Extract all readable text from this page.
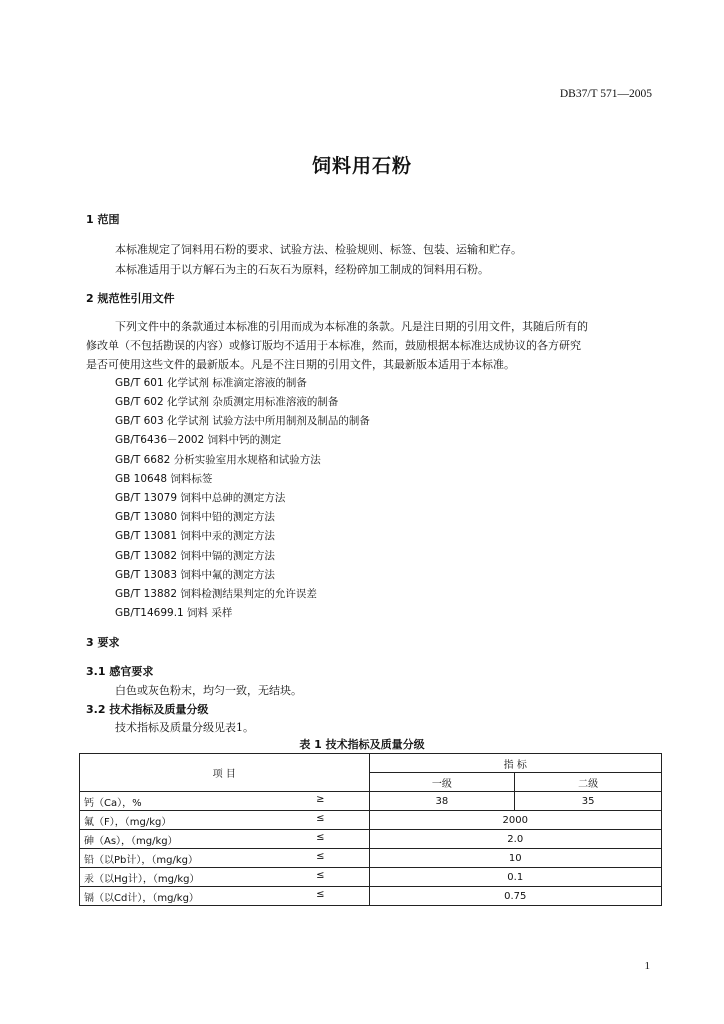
DB37/T 571—2005
饲料用石粉
1 范围
本标准规定了饲料用石粉的要求、试验方法、检验规则、标签、包装、运输和贮存。
本标准适用于以方解石为主的石灰石为原料，经粉碎加工制成的饲料用石粉。
2 规范性引用文件
下列文件中的条款通过本标准的引用而成为本标准的条款。凡是注日期的引用文件，其随后所有的
修改单（不包括勘误的内容）或修订版均不适用于本标准，然而，鼓励根据本标准达成协议的各方研究
是否可使用这些文件的最新版本。凡是不注日期的引用文件，其最新版本适用于本标准。
GB/T 601 化学试剂 标准滴定溶液的制备
GB/T 602 化学试剂 杂质测定用标准溶液的制备
GB/T 603 化学试剂 试验方法中所用制剂及制品的制备
GB/T6436－2002 饲料中钙的测定
GB/T 6682 分析实验室用水规格和试验方法
GB 10648 饲料标签
GB/T 13079 饲料中总砷的测定方法
GB/T 13080 饲料中铅的测定方法
GB/T 13081 饲料中汞的测定方法
GB/T 13082 饲料中镉的测定方法
GB/T 13083 饲料中氟的测定方法
GB/T 13882 饲料检测结果判定的允许误差
GB/T14699.1 饲料 采样
3 要求
3.1 感官要求
白色或灰色粉末，均匀一致，无结块。
3.2 技术指标及质量分级
技术指标及质量分级见表1。
表 1 技术指标及质量分级
项 目	指 标	
	一级	二级

钙（Ca），% ≥	38	35

氟（F），（mg/kg） ≤	2000	

砷（As），（mg/kg） ≤	2.0	

铅（以Pb计），（mg/kg） ≤	10	

汞（以Hg计），（mg/kg） ≤	0.1	

镉（以Cd计），（mg/kg） ≤	0.75	
1
